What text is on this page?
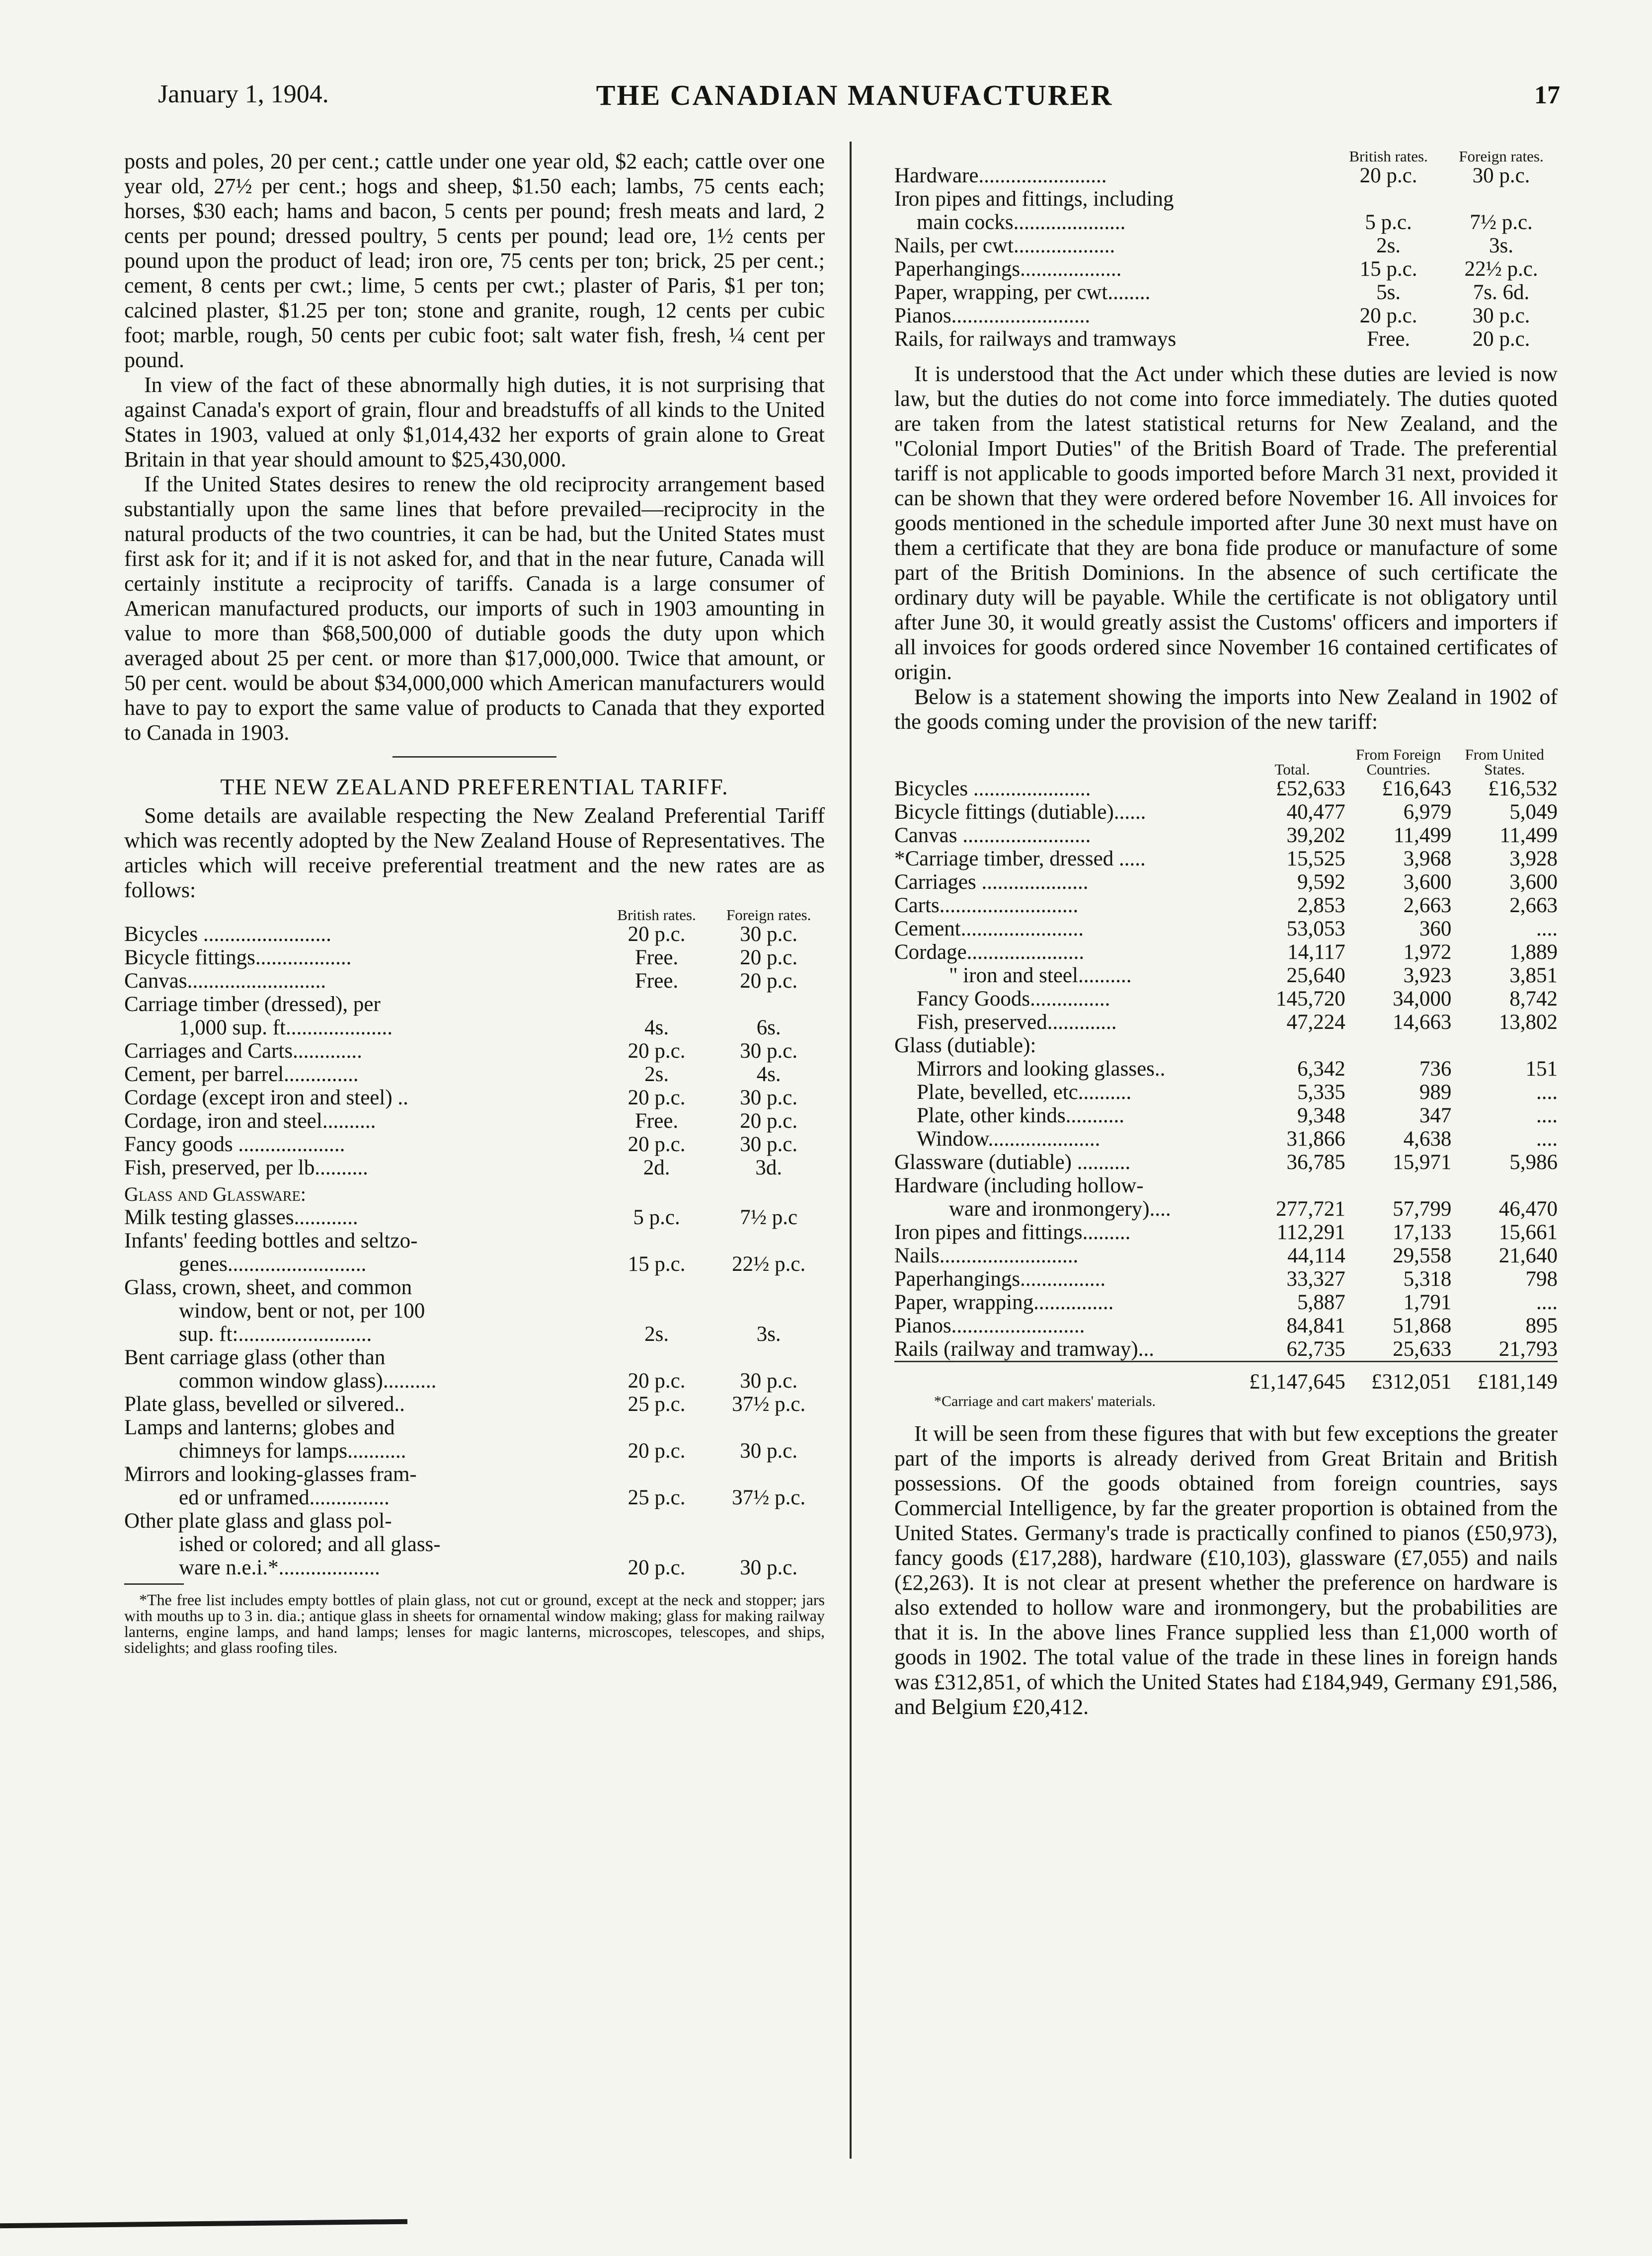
January 1, 1904.	THE CANADIAN MANUFACTURER	17

posts and poles, 20 per cent.; cattle under one year old, $2 each; cattle over one year old, 27½ per cent.; hogs and sheep, $1.50 each; lambs, 75 cents each; horses, $30 each; hams and bacon, 5 cents per pound; fresh meats and lard, 2 cents per pound; dressed poultry, 5 cents per pound; lead ore, 1½ cents per pound upon the product of lead; iron ore, 75 cents per ton; brick, 25 per cent.; cement, 8 cents per cwt.; lime, 5 cents per cwt.; plaster of Paris, $1 per ton; calcined plaster, $1.25 per ton; stone and granite, rough, 12 cents per cubic foot; marble, rough, 50 cents per cubic foot; salt water fish, fresh, ¼ cent per pound.

In view of the fact of these abnormally high duties, it is not surprising that against Canada's export of grain, flour and breadstuffs of all kinds to the United States in 1903, valued at only $1,014,432 her exports of grain alone to Great Britain in that year should amount to $25,430,000.

If the United States desires to renew the old reciprocity arrangement based substantially upon the same lines that before prevailed—reciprocity in the natural products of the two countries, it can be had, but the United States must first ask for it; and if it is not asked for, and that in the near future, Canada will certainly institute a reciprocity of tariffs. Canada is a large consumer of American manufactured products, our imports of such in 1903 amounting in value to more than $68,500,000 of dutiable goods the duty upon which averaged about 25 per cent. or more than $17,000,000. Twice that amount, or 50 per cent. would be about $34,000,000 which American manufacturers would have to pay to export the same value of products to Canada that they exported to Canada in 1903.

THE NEW ZEALAND PREFERENTIAL TARIFF.

Some details are available respecting the New Zealand Preferential Tariff which was recently adopted by the New Zealand House of Representatives. The articles which will receive preferential treatment and the new rates are as follows:

	British rates.	Foreign rates.
Bicycles ........................	20 p.c.	30 p.c.
Bicycle fittings..................	Free.	20 p.c.
Canvas..........................	Free.	20 p.c.
Carriage timber (dressed), per		
1,000 sup. ft....................	4s.	6s.
Carriages and Carts.............	20 p.c.	30 p.c.
Cement, per barrel..............	2s.	4s.
Cordage (except iron and steel) ..	20 p.c.	30 p.c.
Cordage, iron and steel..........	Free.	20 p.c.
Fancy goods ....................	20 p.c.	30 p.c.
Fish, preserved, per lb..........	2d.	3d.
Glass and Glassware:		
Milk testing glasses............	5 p.c.	7½ p.c
Infants' feeding bottles and seltzo-		
genes..........................	15 p.c.	22½ p.c.
Glass, crown, sheet, and common		
window, bent or not, per 100		
sup. ft:.........................	2s.	3s.
Bent carriage glass (other than		
common window glass)..........	20 p.c.	30 p.c.
Plate glass, bevelled or silvered..	25 p.c.	37½ p.c.
Lamps and lanterns; globes and		
chimneys for lamps...........	20 p.c.	30 p.c.
Mirrors and looking-glasses fram-		
ed or unframed...............	25 p.c.	37½ p.c.
Other plate glass and glass pol-		
ished or colored; and all glass-		
ware n.e.i.*...................	20 p.c.	30 p.c.
*The free list includes empty bottles of plain glass, not cut or ground, except at the neck and stopper; jars with mouths up to 3 in. dia.; antique glass in sheets for ornamental window making; glass for making railway lanterns, engine lamps, and hand lamps; lenses for magic lanterns, microscopes, telescopes, and ships, sidelights; and glass roofing tiles.
	British rates.	Foreign rates.
Hardware........................	20 p.c.	30 p.c.
Iron pipes and fittings, including		
main cocks.....................	5 p.c.	7½ p.c.
Nails, per cwt...................	2s.	3s.
Paperhangings...................	15 p.c.	22½ p.c.
Paper, wrapping, per cwt........	5s.	7s. 6d.
Pianos..........................	20 p.c.	30 p.c.
Rails, for railways and tramways	Free.	20 p.c.

It is understood that the Act under which these duties are levied is now law, but the duties do not come into force immediately. The duties quoted are taken from the latest statistical returns for New Zealand, and the "Colonial Import Duties" of the British Board of Trade. The preferential tariff is not applicable to goods imported before March 31 next, provided it can be shown that they were ordered before November 16. All invoices for goods mentioned in the schedule imported after June 30 next must have on them a certificate that they are bona fide produce or manufacture of some part of the British Dominions. In the absence of such certificate the ordinary duty will be payable. While the certificate is not obligatory until after June 30, it would greatly assist the Customs' officers and importers if all invoices for goods ordered since November 16 contained certificates of origin.

Below is a statement showing the imports into New Zealand in 1902 of the goods coming under the provision of the new tariff:

	Total.	From Foreign Countries.	From United States.
Bicycles ......................	£52,633	£16,643	£16,532
Bicycle fittings (dutiable)......	40,477	6,979	5,049
Canvas ........................	39,202	11,499	11,499
*Carriage timber, dressed .....	15,525	3,968	3,928
Carriages ....................	9,592	3,600	3,600
Carts..........................	2,853	2,663	2,663
Cement.......................	53,053	360	....
Cordage......................	14,117	1,972	1,889
" iron and steel..........	25,640	3,923	3,851
Fancy Goods...............	145,720	34,000	8,742
Fish, preserved.............	47,224	14,663	13,802
Glass (dutiable):			
Mirrors and looking glasses..	6,342	736	151
Plate, bevelled, etc..........	5,335	989	....
Plate, other kinds...........	9,348	347	....
Window.....................	31,866	4,638	....
Glassware (dutiable) ..........	36,785	15,971	5,986
Hardware (including hollow-			
ware and ironmongery)....	277,721	57,799	46,470
Iron pipes and fittings.........	112,291	17,133	15,661
Nails..........................	44,114	29,558	21,640
Paperhangings................	33,327	5,318	798
Paper, wrapping...............	5,887	1,791	....
Pianos.........................	84,841	51,868	895
Rails (railway and tramway)...	62,735	25,633	21,793
	£1,147,645	£312,051	£181,149
*Carriage and cart makers' materials.			

It will be seen from these figures that with but few exceptions the greater part of the imports is already derived from Great Britain and British possessions. Of the goods obtained from foreign countries, says Commercial Intelligence, by far the greater proportion is obtained from the United States. Germany's trade is practically confined to pianos (£50,973), fancy goods (£17,288), hardware (£10,103), glassware (£7,055) and nails (£2,263). It is not clear at present whether the preference on hardware is also extended to hollow ware and ironmongery, but the probabilities are that it is. In the above lines France supplied less than £1,000 worth of goods in 1902. The total value of the trade in these lines in foreign hands was £312,851, of which the United States had £184,949, Germany £91,586, and Belgium £20,412.
